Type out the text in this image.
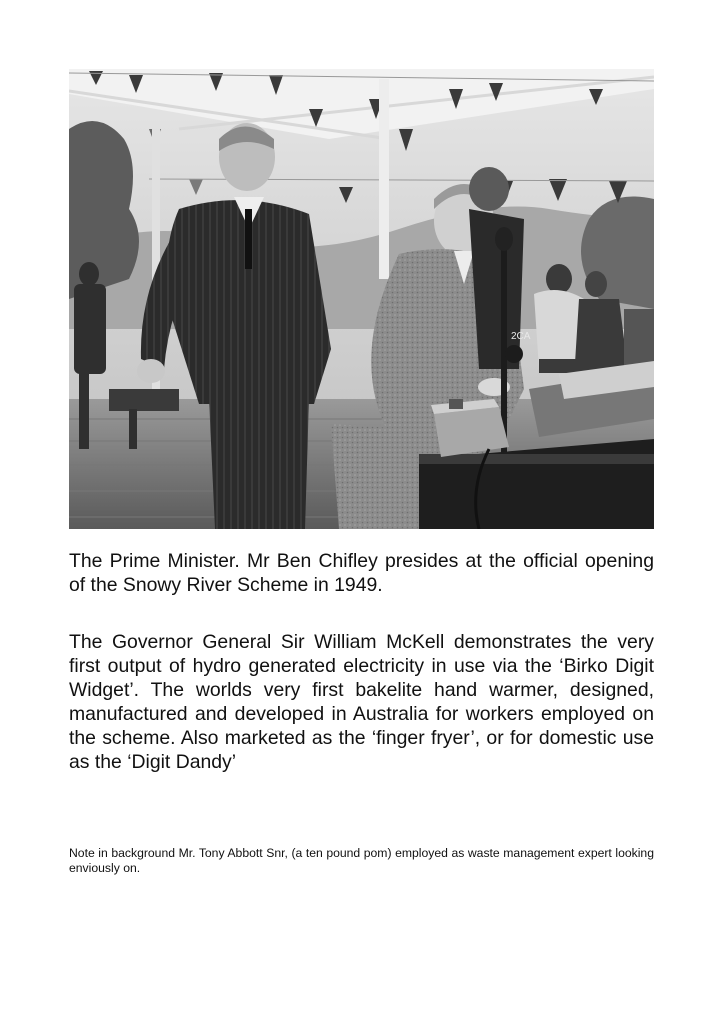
2CA

The Prime Minister. Mr Ben Chifley presides at the official opening of the Snowy River Scheme in 1949.

The Governor General Sir William McKell demonstrates the very first output of hydro generated electricity in use via the ‘Birko Digit Widget’. The worlds very first bakelite hand warmer, designed, manufactured and developed in Australia for workers employed on the scheme. Also marketed as the ‘finger fryer’, or for domestic use as the ‘Digit Dandy’

Note in background Mr. Tony Abbott Snr, (a ten pound pom) employed as waste management expert looking enviously on.
